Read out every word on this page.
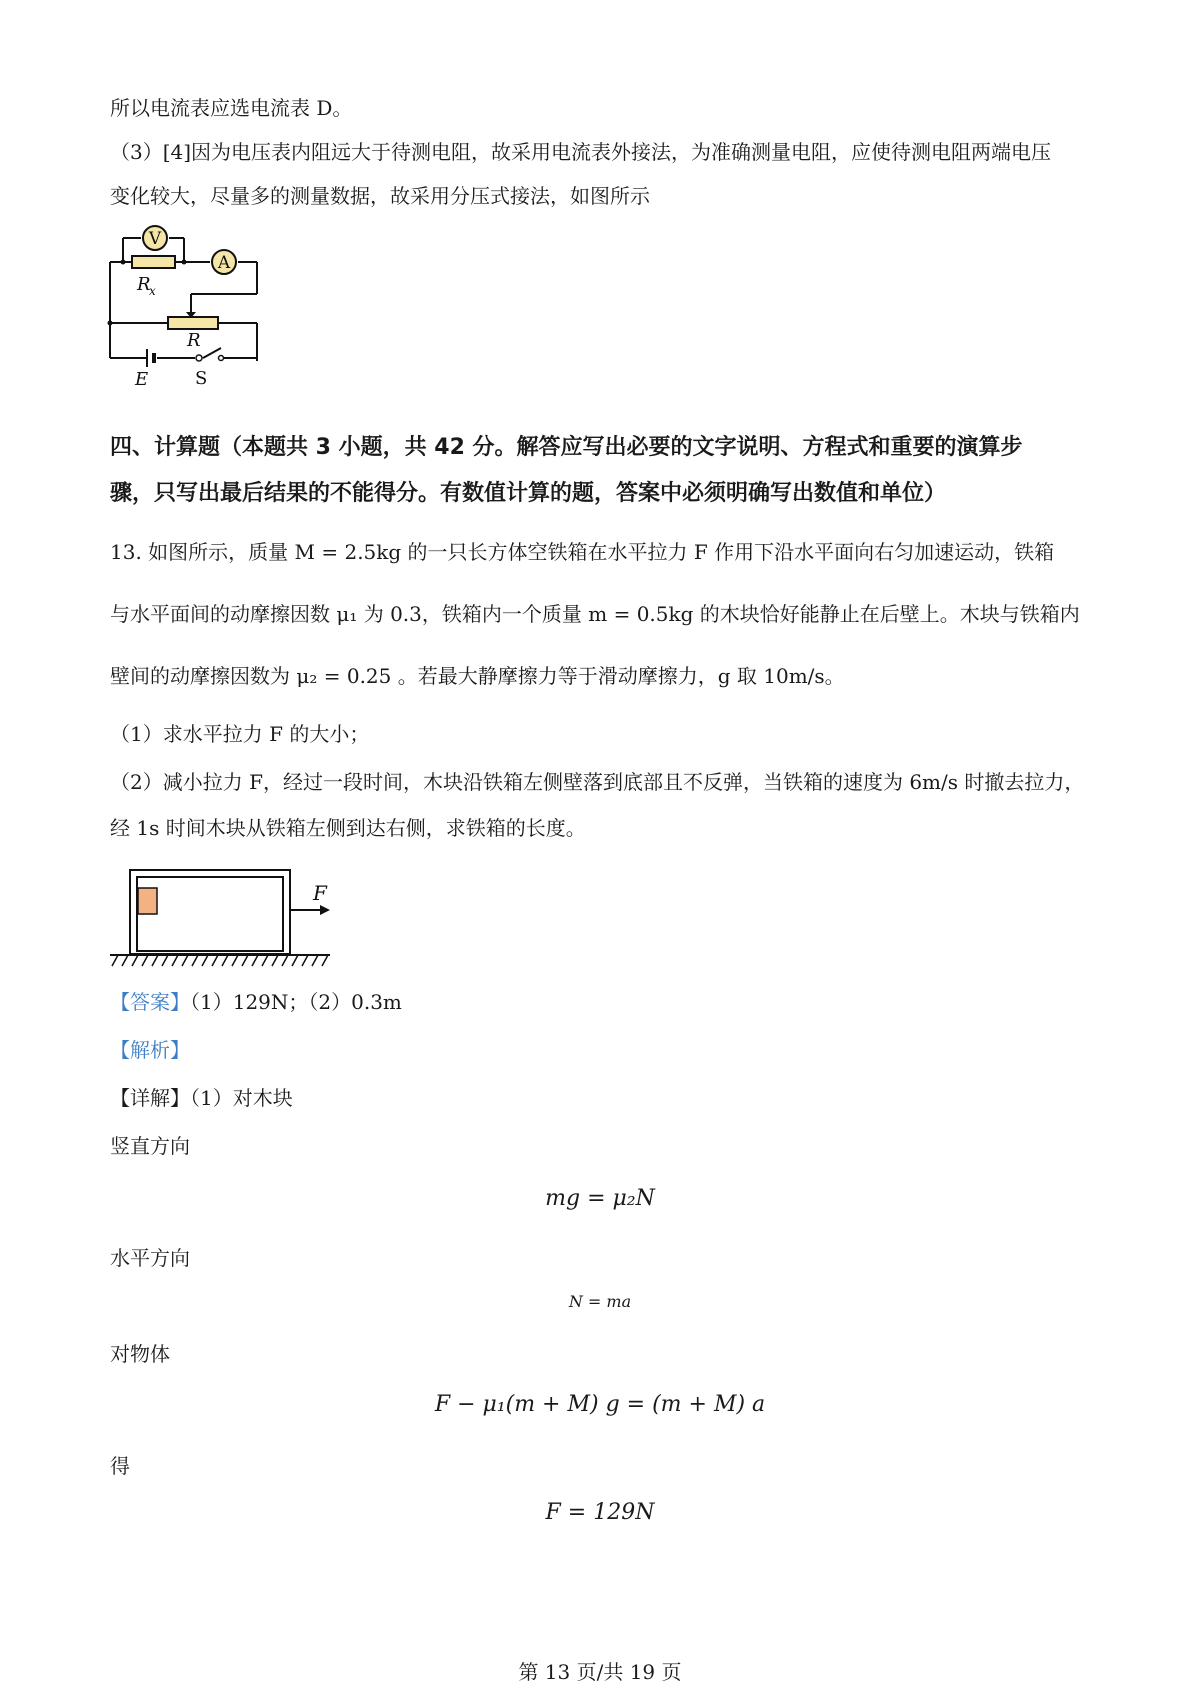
所以电流表应选电流表 D。
（3）[4]因为电压表内阻远大于待测电阻，故采用电流表外接法，为准确测量电阻，应使待测电阻两端电压
变化较大，尽量多的测量数据，故采用分压式接法，如图所示
V
A
R
x
R
E	S
四、计算题（本题共 3 小题，共 42 分。解答应写出必要的文字说明、方程式和重要的演算步
骤，只写出最后结果的不能得分。有数值计算的题，答案中必须明确写出数值和单位）
13. 如图所示，质量 M = 2.5kg 的一只长方体空铁箱在水平拉力 F 作用下沿水平面向右匀加速运动，铁箱
与水平面间的动摩擦因数 μ₁ 为 0.3，铁箱内一个质量 m = 0.5kg 的木块恰好能静止在后壁上。木块与铁箱内
壁间的动摩擦因数为 μ₂ = 0.25 。若最大静摩擦力等于滑动摩擦力，g 取 10m/s。
（1）求水平拉力 F 的大小；
（2）减小拉力 F，经过一段时间，木块沿铁箱左侧壁落到底部且不反弹，当铁箱的速度为 6m/s 时撤去拉力，
经 1s 时间木块从铁箱左侧到达右侧，求铁箱的长度。
F
【答案】（1）129N；（2）0.3m
【解析】
【详解】（1）对木块
竖直方向
mg = μ₂N
水平方向
N = ma
对物体
F − μ₁(m + M) g = (m + M) a
得
F = 129N
第 13 页/共 19 页
